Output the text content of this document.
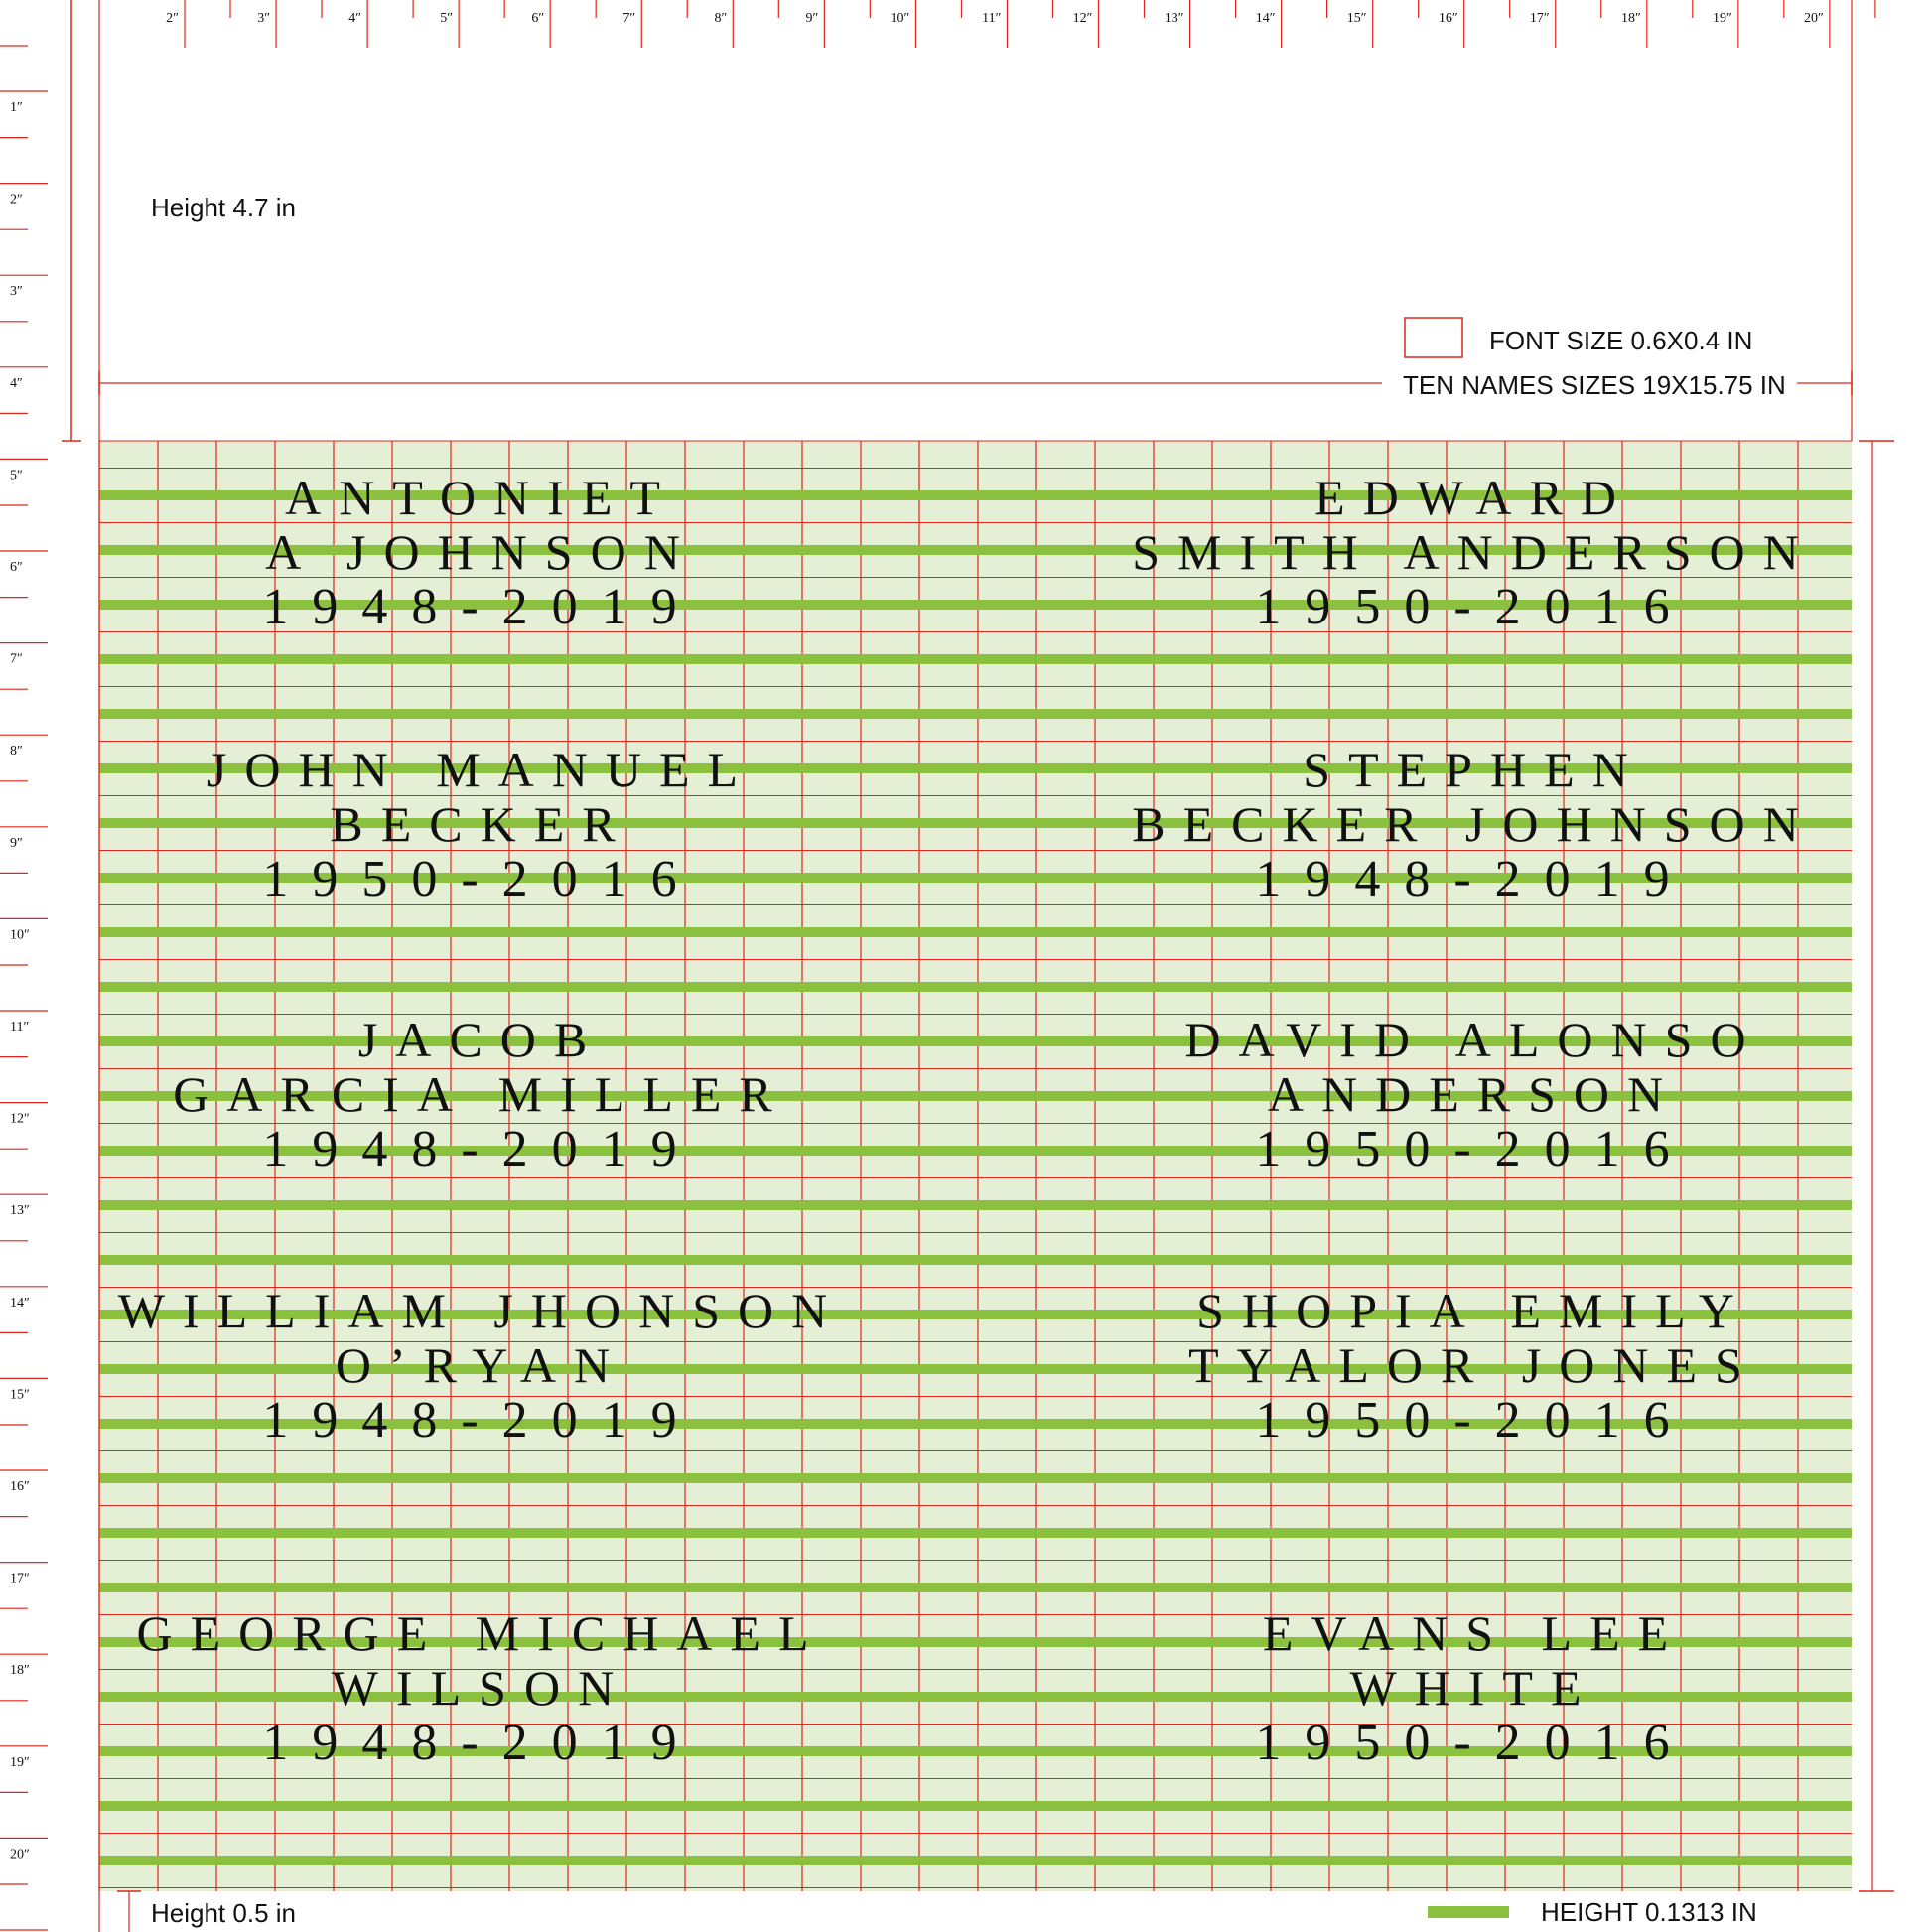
ANTONIET
A JOHNSON
1948-2019
EDWARD
SMITH ANDERSON
1950-2016
JOHN MANUEL
BECKER
1950-2016
STEPHEN
BECKER JOHNSON
1948-2019
JACOB
GARCIA MILLER
1948-2019
DAVID ALONSO
ANDERSON
1950-2016
WILLIAM JHONSON
O’RYAN
1948-2019
SHOPIA EMILY
TYALOR JONES
1950-2016
GEORGE MICHAEL
WILSON
1948-2019
EVANS LEE
WHITE
1950-2016
2″	3″	4″	5″	6″	7″	8″	9″	10″	11″	12″	13″	14″	15″	16″	17″	18″	19″	20″
1″
2″
3″
4″
5″
6″
7″
8″
9″
10″
11″
12″
13″
14″
15″
16″
17″
18″
19″
20″
Height 4.7 in
FONT SIZE 0.6X0.4 IN
TEN NAMES SIZES 19X15.75 IN
Height 0.5 in	HEIGHT 0.1313 IN
